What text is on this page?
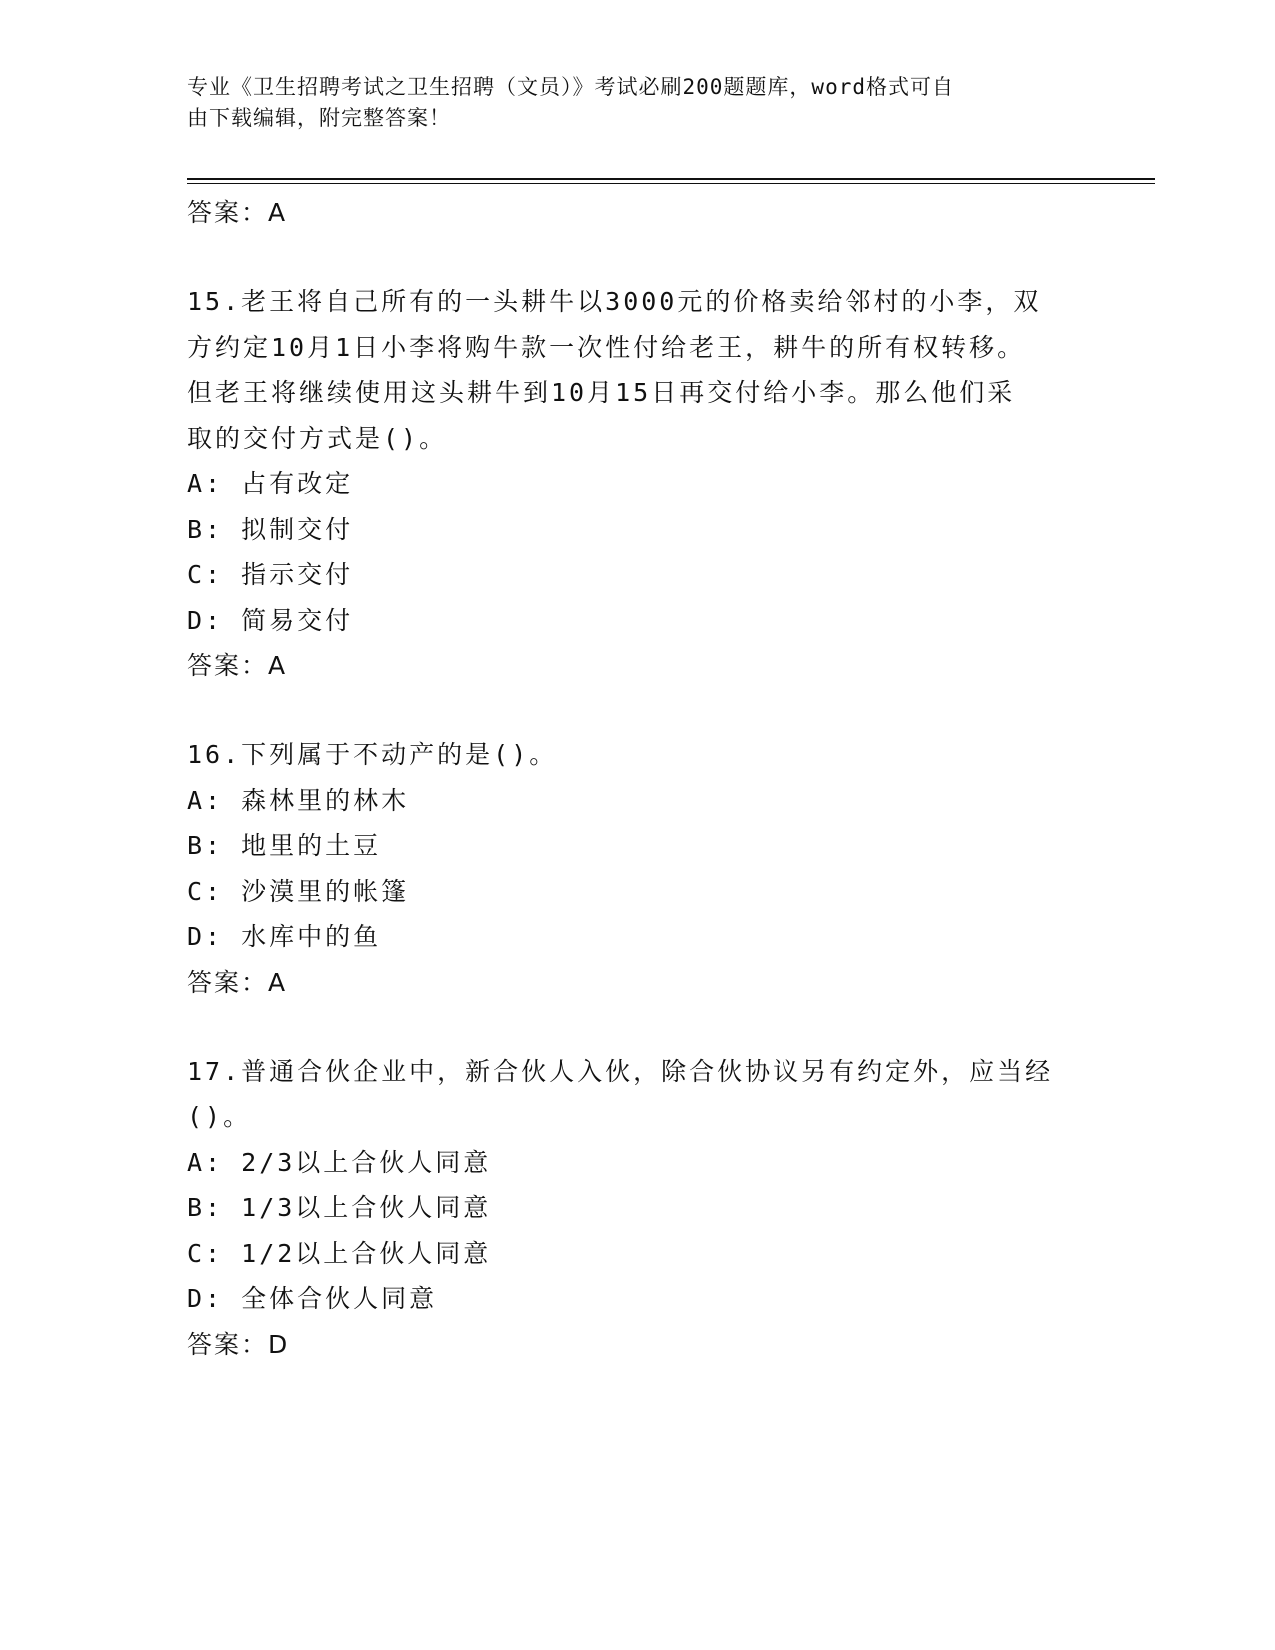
专业《卫生招聘考试之卫生招聘（文员）》考试必刷200题题库，word格式可自
由下载编辑，附完整答案！
答案：A
15.老王将自己所有的一头耕牛以3000元的价格卖给邻村的小李，双
方约定10月1日小李将购牛款一次性付给老王，耕牛的所有权转移。
但老王将继续使用这头耕牛到10月15日再交付给小李。那么他们采
取的交付方式是()。
A: 占有改定
B: 拟制交付
C: 指示交付
D: 简易交付
答案：A
16.下列属于不动产的是()。
A: 森林里的林木
B: 地里的土豆
C: 沙漠里的帐篷
D: 水库中的鱼
答案：A
17.普通合伙企业中，新合伙人入伙，除合伙协议另有约定外，应当经
()。
A: 2/3以上合伙人同意
B: 1/3以上合伙人同意
C: 1/2以上合伙人同意
D: 全体合伙人同意
答案：D
